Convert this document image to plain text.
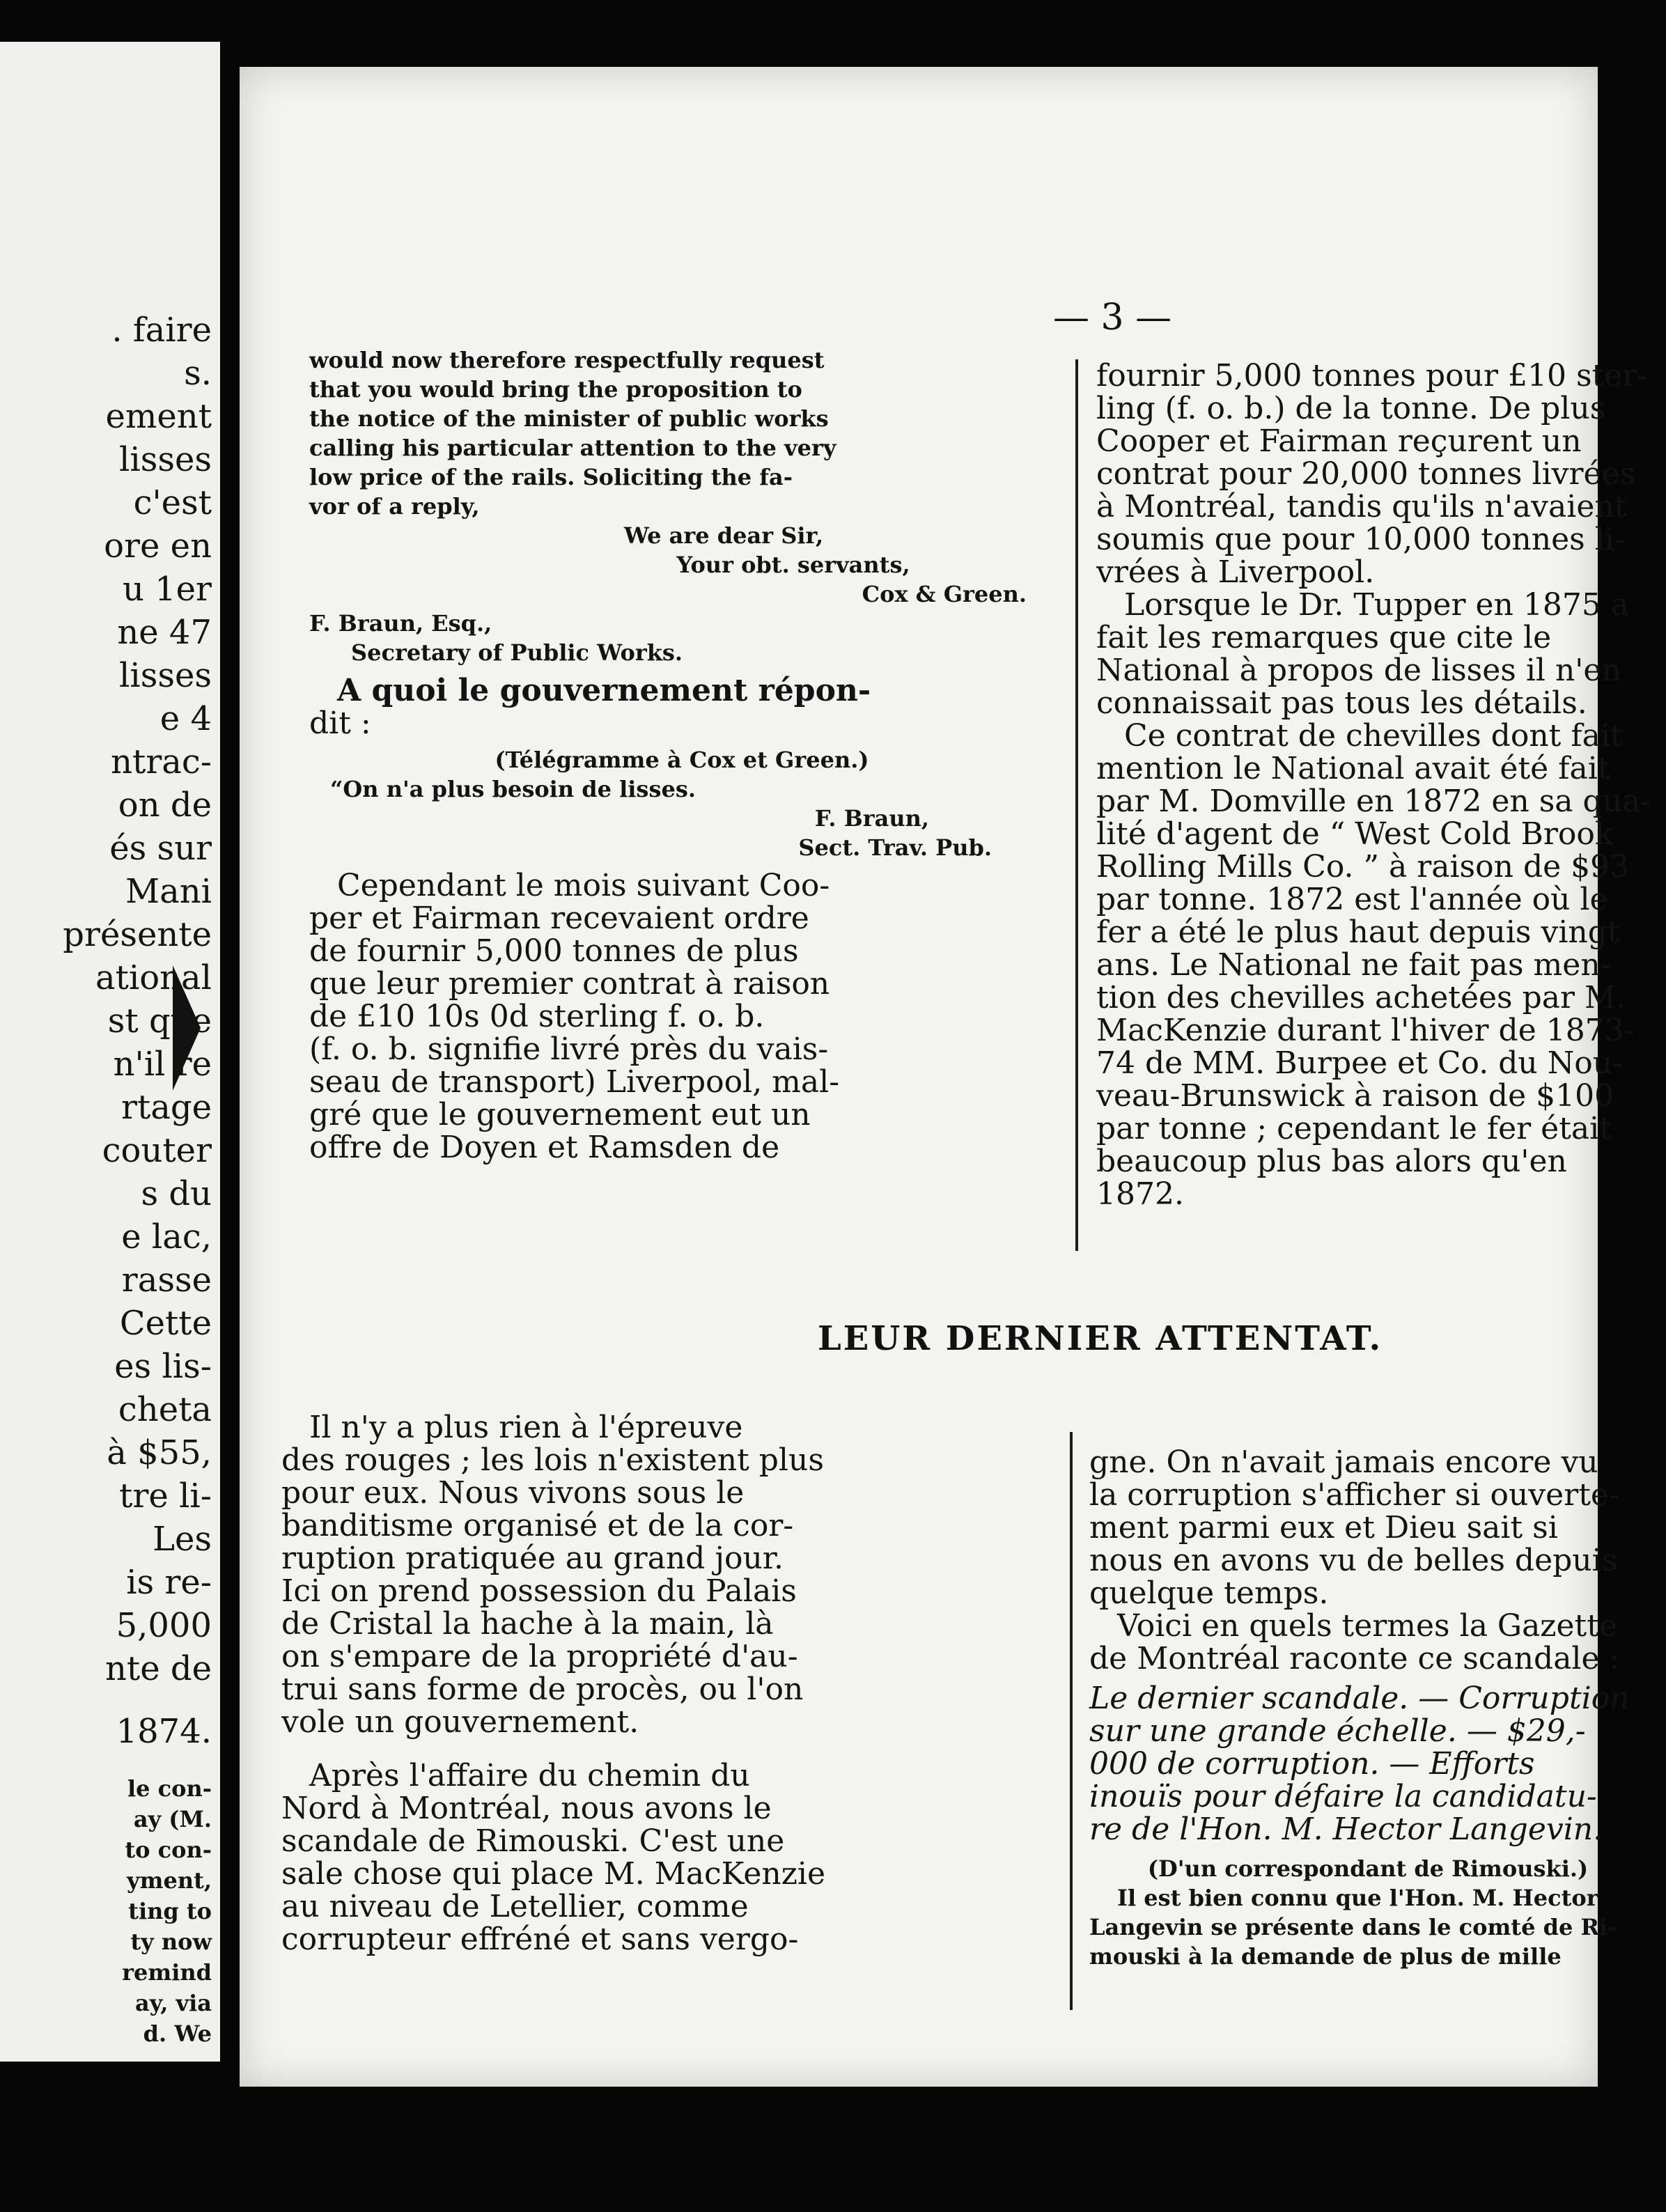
. faire
s.
ement
lisses
c'est
ore en
u 1er
ne 47
lisses
e 4
ntrac-
on de
és sur
Mani
présente
ational
st que
n'il re
rtage
couter
s du
e lac,
rasse
Cette
es lis-
cheta
à $55,
tre li-
Les
is re-
5,000
nte de
1874.
le con-
ay (M.
to con-
yment,
ting to
ty now
remind
ay, via
d. We
— 3 —
would now therefore respectfully request
that you would bring the proposition to
the notice of the minister of public works
calling his particular attention to the very
low price of the rails. Soliciting the fa-
vor of a reply,

We are dear Sir,

Your obt. servants,

Cox & Green.

F. Braun, Esq.,

Secretary of Public Works.

A quoi le gouvernement répon-

dit :

(Télégramme à Cox et Green.)

“On n'a plus besoin de lisses.

F. Braun,

Sect. Trav. Pub.

Cependant le mois suivant Coo-
per et Fairman recevaient ordre
de fournir 5,000 tonnes de plus
que leur premier contrat à raison
de £10 10s 0d sterling f. o. b.
(f. o. b. signifie livré près du vais-
seau de transport) Liverpool, mal-
gré que le gouvernement eut un
offre de Doyen et Ramsden de
fournir 5,000 tonnes pour £10 ster-
ling (f. o. b.) de la tonne. De plus
Cooper et Fairman reçurent un
contrat pour 20,000 tonnes livrées
à Montréal, tandis qu'ils n'avaient
soumis que pour 10,000 tonnes li-
vrées à Liverpool.
Lorsque le Dr. Tupper en 1875 a
fait les remarques que cite le
National à propos de lisses il n'en
connaissait pas tous les détails.
Ce contrat de chevilles dont fait
mention le National avait été fait
par M. Domville en 1872 en sa qua-
lité d'agent de “ West Cold Brook
Rolling Mills Co. ” à raison de $93
par tonne. 1872 est l'année où le
fer a été le plus haut depuis vingt
ans. Le National ne fait pas men-
tion des chevilles achetées par M.
MacKenzie durant l'hiver de 1873-
74 de MM. Burpee et Co. du Nou-
veau-Brunswick à raison de $100
par tonne ; cependant le fer était
beaucoup plus bas alors qu'en
1872.
LEUR DERNIER ATTENTAT.
Il n'y a plus rien à l'épreuve
des rouges ; les lois n'existent plus
pour eux. Nous vivons sous le
banditisme organisé et de la cor-
ruption pratiquée au grand jour.
Ici on prend possession du Palais
de Cristal la hache à la main, là
on s'empare de la propriété d'au-
trui sans forme de procès, ou l'on
vole un gouvernement.
Après l'affaire du chemin du
Nord à Montréal, nous avons le
scandale de Rimouski. C'est une
sale chose qui place M. MacKenzie
au niveau de Letellier, comme
corrupteur effréné et sans vergo-
gne. On n'avait jamais encore vu
la corruption s'afficher si ouverte-
ment parmi eux et Dieu sait si
nous en avons vu de belles depuis
quelque temps.
Voici en quels termes la Gazette
de Montréal raconte ce scandale :
Le dernier scandale. — Corruption
sur une grande échelle. — $29,-
000 de corruption. — Efforts
inouïs pour défaire la candidatu-
re de l'Hon. M. Hector Langevin.

(D'un correspondant de Rimouski.)

Il est bien connu que l'Hon. M. Hector
Langevin se présente dans le comté de Ri-
mouski à la demande de plus de mille
